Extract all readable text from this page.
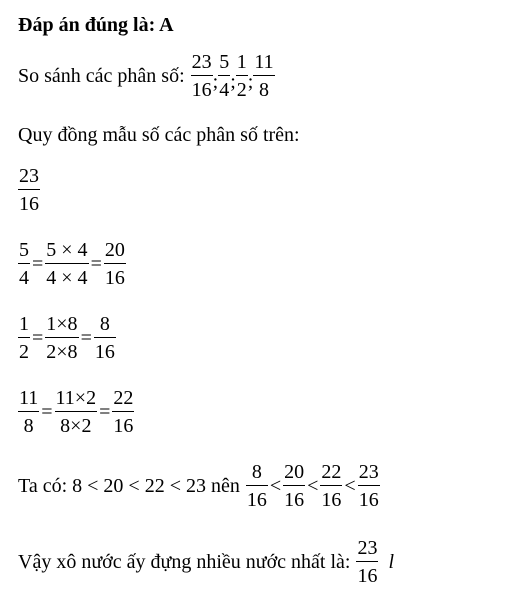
Đáp án đúng là: A
So sánh các phân số: $\frac{23}{16}$ ; $\frac{5}{4}$ ; $\frac{1}{2}$ ; $\frac{11}{8}$
Quy đồng mẫu số các phân số trên:
$\frac{23}{16}$
$\frac{5}{4} = \frac{5 \times 4}{4 \times 4} = \frac{20}{16}$
$\frac{1}{2} = \frac{1\times 8}{2\times 8} = \frac{8}{16}$
$\frac{11}{8} = \frac{11\times 2}{8\times 2} = \frac{22}{16}$
Ta có: 8 < 20 < 22 < 23 nên $\frac{8}{16} < \frac{20}{16} < \frac{22}{16} < \frac{23}{16}$
Vậy xô nước ấy đựng nhiều nước nhất là: $\frac{23}{16}$ l
